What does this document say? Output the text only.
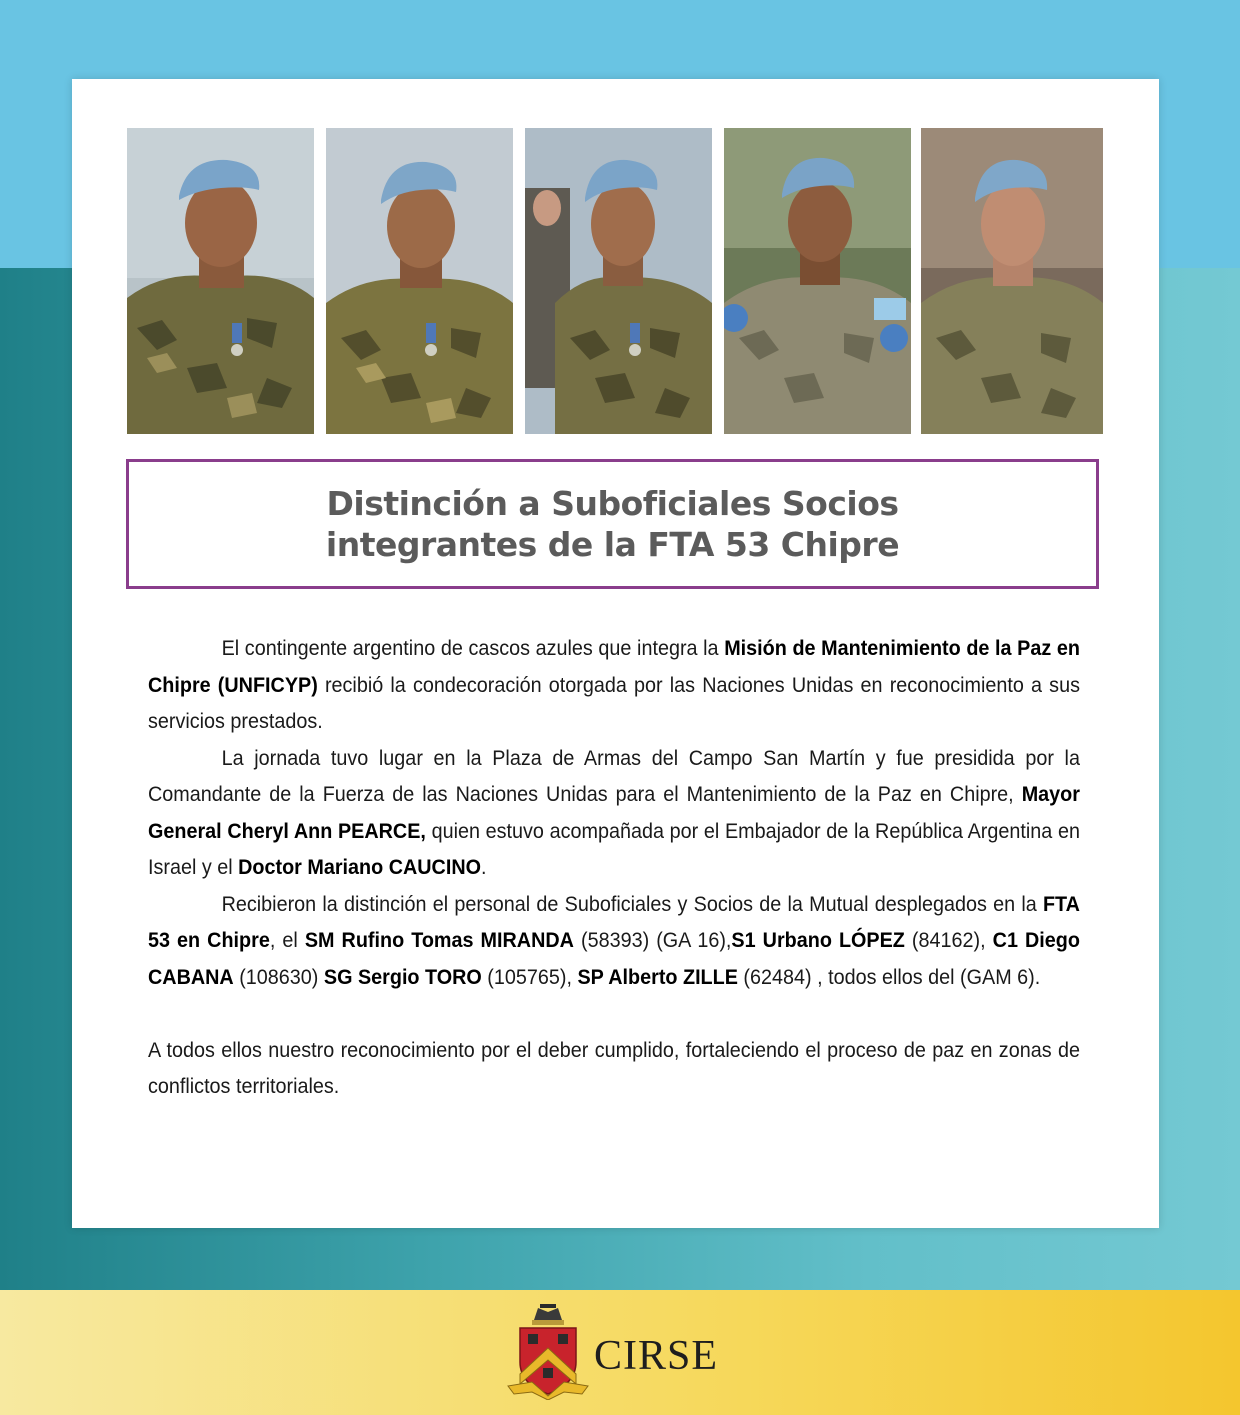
Distinción a Suboficiales Socios
integrantes de la FTA 53 Chipre

El contingente argentino de cascos azules que integra la Misión de Mantenimiento de la Paz en Chipre (UNFICYP) recibió la condecoración otorgada por las Naciones Unidas en reconocimiento a sus servicios prestados.

La jornada tuvo lugar en la Plaza de Armas del Campo San Martín y fue presidida por la Comandante de la Fuerza de las Naciones Unidas para el Mantenimiento de la Paz en Chipre, Mayor General Cheryl Ann PEARCE, quien estuvo acompañada por el Embajador de la República Argentina en Israel y el Doctor Mariano CAUCINO.

Recibieron la distinción el personal de Suboficiales y Socios de la Mutual desplegados en la FTA 53 en Chipre, el SM Rufino Tomas MIRANDA (58393) (GA 16),S1 Urbano LÓPEZ (84162), C1 Diego CABANA (108630) SG Sergio TORO (105765), SP Alberto ZILLE (62484) , todos ellos del (GAM 6).

A todos ellos nuestro reconocimiento por el deber cumplido, fortaleciendo el proceso de paz en zonas de conflictos territoriales.

CIRSE
